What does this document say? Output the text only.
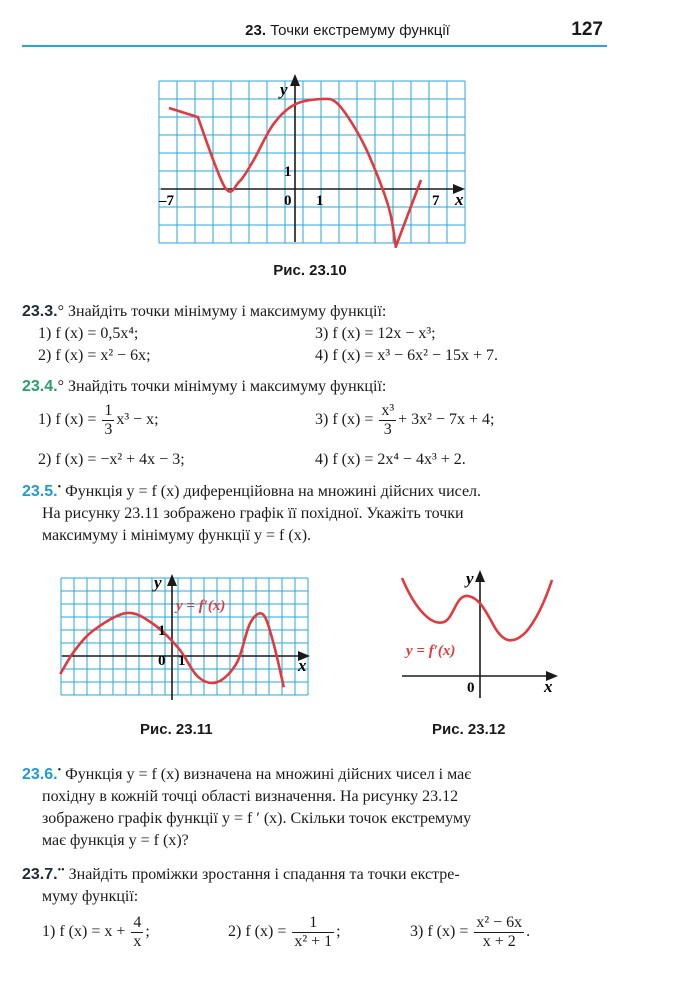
23. Точки екстремуму функції	127
y
x
1
0 1
–7	7
Рис. 23.10
23.3.° Знайдіть точки мінімуму і максимуму функції:
1) f (x) = 0,5x⁴;	3) f (x) = 12x − x³;
2) f (x) = x² − 6x;	4) f (x) = x³ − 6x² − 15x + 7.
23.4.° Знайдіть точки мінімуму і максимуму функції:
1) f $(x) = \frac{1}{3} x^3 - x$;	3) f $(x) = \frac{\text{x³}}{3} + 3x^2 - 7x + 4$;
2) f (x) = −x² + 4x − 3;	4) f (x) = 2x⁴ − 4x³ + 2.
23.5.• Функція y = f (x) диференційовна на множині дійсних чисел.
На рисунку 23.11 зображено графік її похідної. Укажіть точки
максимуму і мінімуму функції y = f (x).
y
x
1
0 1
y = f′(x)
Рис. 23.11
y
x
0
y = f′(x)
Рис. 23.12
23.6.• Функція y = f (x) визначена на множині дійсних чисел і має
похідну в кожній точці області визначення. На рисунку 23.12
зображено графік функції y = f ′ (x). Скільки точок екстремуму
має функція y = f (x)?
23.7.•• Знайдіть проміжки зростання і спадання та точки екстре-
муму функції:
1) f $(x) = x + \frac{4}{x}$ ;	2) f $(x) = \frac{1}{\text{x² + 1}}$ ;	3) f $(x) = \frac{\text{x² − 6x}}{x + 2}$ .
